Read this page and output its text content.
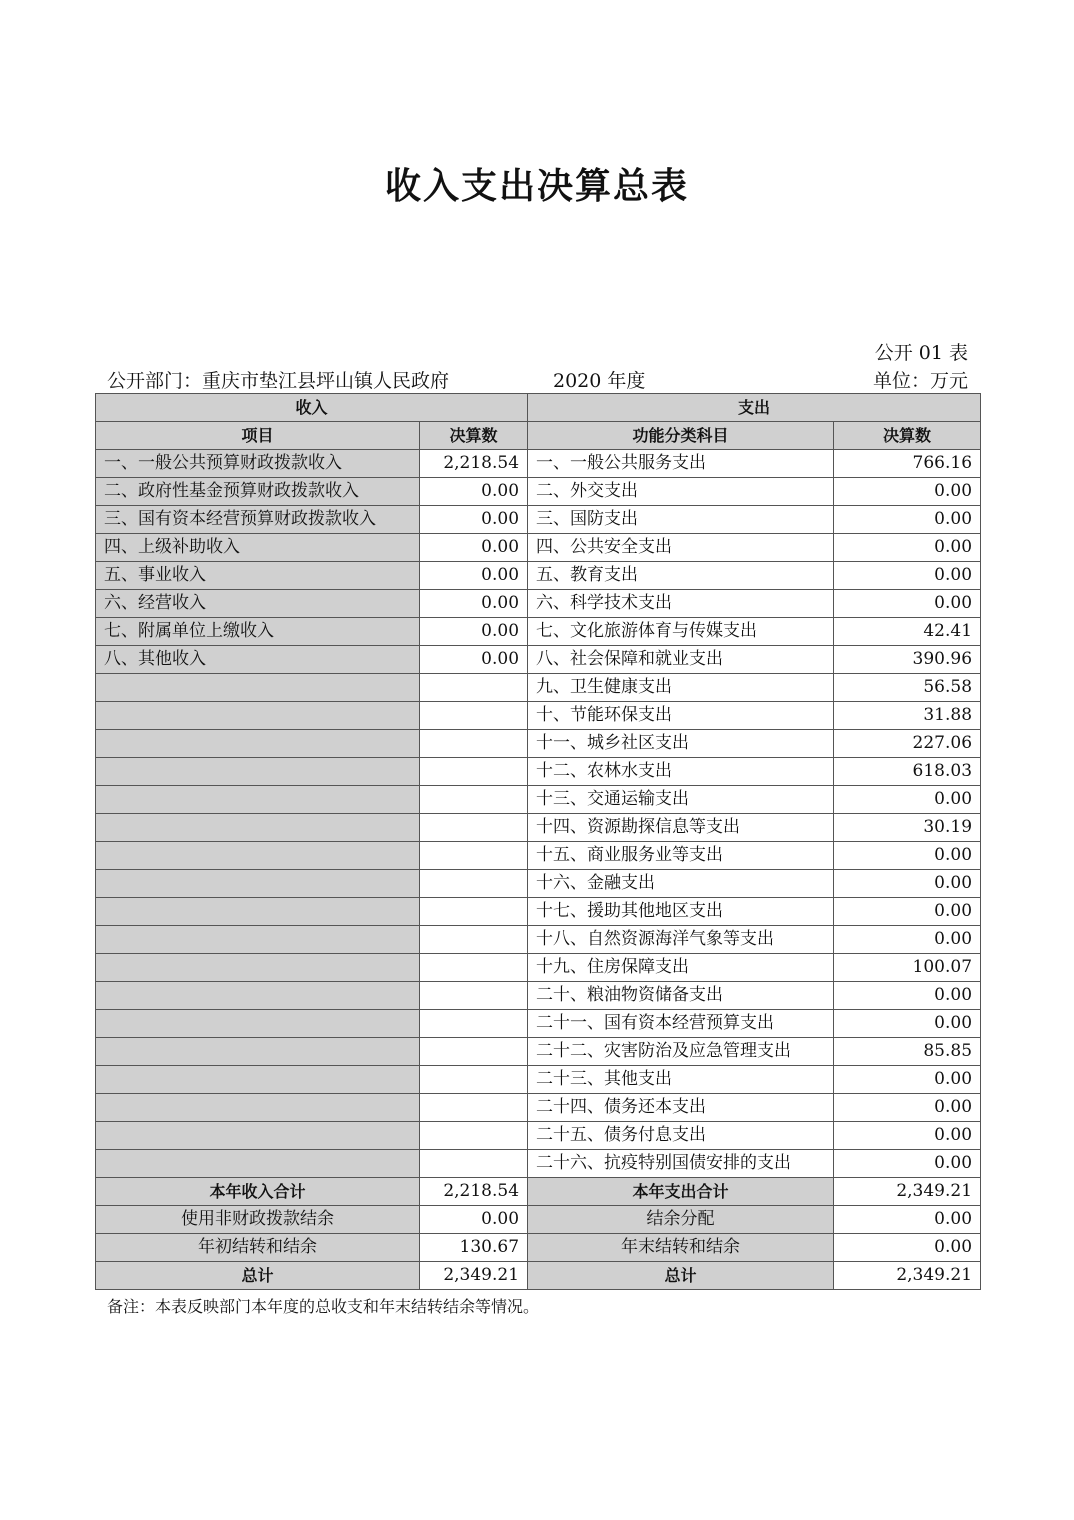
收入支出决算总表
公开 01 表
公开部门：重庆市垫江县坪山镇人民政府	2020 年度	单位：万元
收入		支出	
项目	决算数	功能分类科目	决算数
一、一般公共预算财政拨款收入	2,218.54	一、一般公共服务支出	766.16
二、政府性基金预算财政拨款收入	0.00	二、外交支出	0.00
三、国有资本经营预算财政拨款收入	0.00	三、国防支出	0.00
四、上级补助收入	0.00	四、公共安全支出	0.00
五、事业收入	0.00	五、教育支出	0.00
六、经营收入	0.00	六、科学技术支出	0.00
七、附属单位上缴收入	0.00	七、文化旅游体育与传媒支出	42.41
八、其他收入	0.00	八、社会保障和就业支出	390.96
		九、卫生健康支出	56.58
		十、节能环保支出	31.88
		十一、城乡社区支出	227.06
		十二、农林水支出	618.03
		十三、交通运输支出	0.00
		十四、资源勘探信息等支出	30.19
		十五、商业服务业等支出	0.00
		十六、金融支出	0.00
		十七、援助其他地区支出	0.00
		十八、自然资源海洋气象等支出	0.00
		十九、住房保障支出	100.07
		二十、粮油物资储备支出	0.00
		二十一、国有资本经营预算支出	0.00
		二十二、灾害防治及应急管理支出	85.85
		二十三、其他支出	0.00
		二十四、债务还本支出	0.00
		二十五、债务付息支出	0.00
		二十六、抗疫特别国债安排的支出	0.00
本年收入合计	2,218.54	本年支出合计	2,349.21
使用非财政拨款结余	0.00	结余分配	0.00
年初结转和结余	130.67	年末结转和结余	0.00
总计	2,349.21	总计	2,349.21
备注：本表反映部门本年度的总收支和年末结转结余等情况。
